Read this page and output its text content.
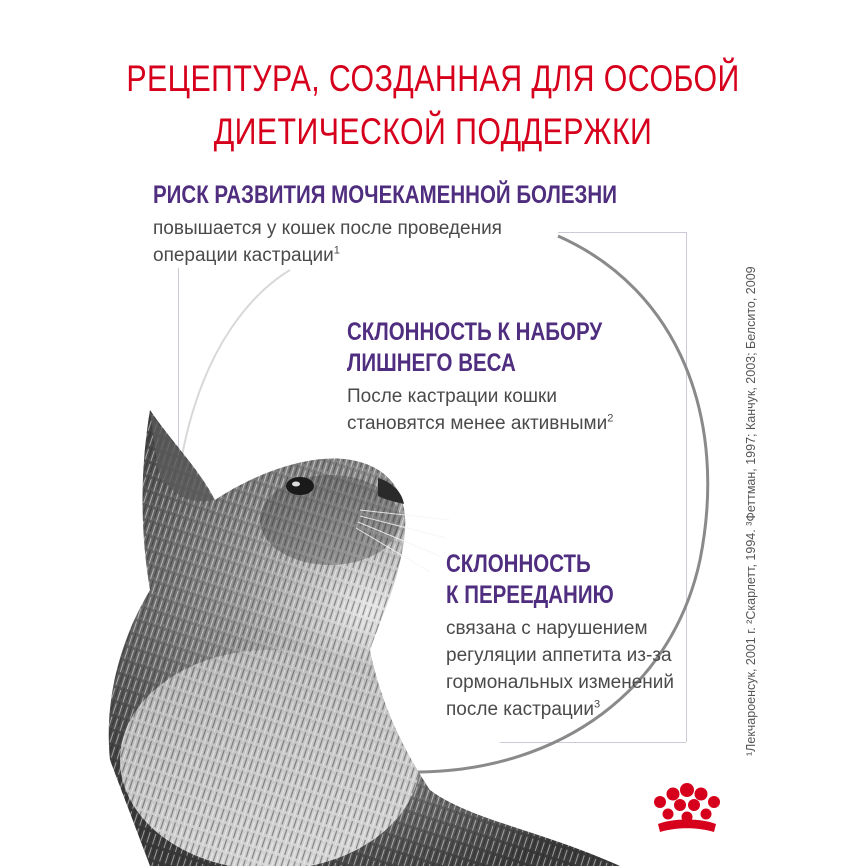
РЕЦЕПТУРА, СОЗДАННАЯ ДЛЯ ОСОБОЙ
ДИЕТИЧЕСКОЙ ПОДДЕРЖКИ
РИСК РАЗВИТИЯ МОЧЕКАМЕННОЙ БОЛЕЗНИ

повышается у кошек после проведения
операции кастрации$^1$

СКЛОННОСТЬ К НАБОРУ
ЛИШНЕГО ВЕСА

После кастрации кошки
становятся менее активными$^2$

СКЛОННОСТЬ
К ПЕРЕЕДАНИЮ

связана с нарушением
регуляции аппетита из-за
гормональных изменений
после кастрации$^3$	¹Лекчароенсук, 2001 г. ²Скарлетт, 1994. ³Феттман, 1997; Канчук, 2003; Белсито, 2009
